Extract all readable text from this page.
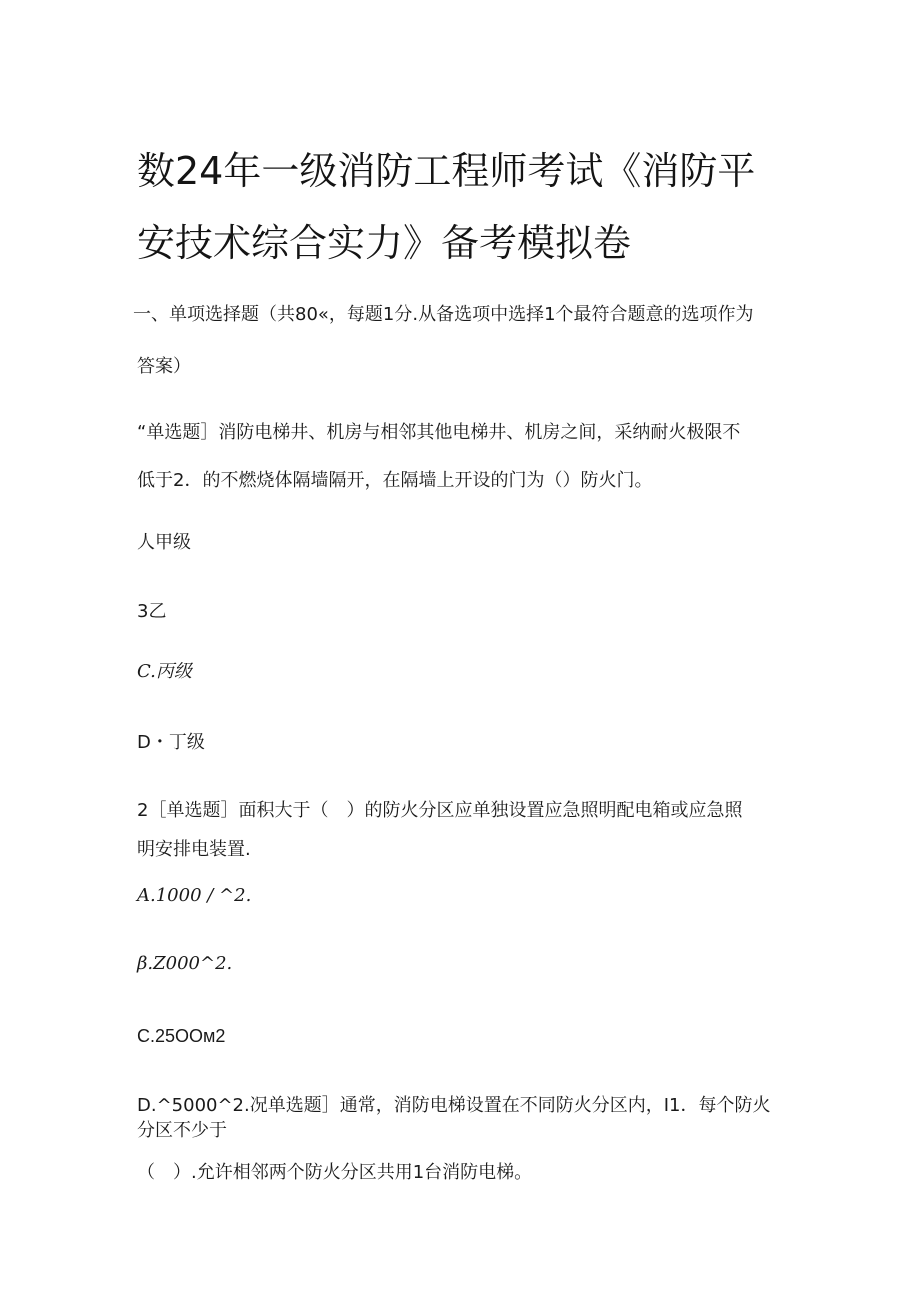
数24年一级消防工程师考试《消防平
安技术综合实力》备考模拟卷
一、单项选择题（共80«，每题1分.从备选项中选择1个最符合题意的选项作为
答案）
“单选题］消防电梯井、机房与相邻其他电梯井、机房之间，采纳耐火极限不
低于2．的不燃烧体隔墙隔开，在隔墙上开设的门为（）防火门。
人甲级
3乙
C.丙级
D・丁级
2［单选题］面积大于（　）的防火分区应单独设置应急照明配电箱或应急照
明安排电装置.
A.1000 / ^2.
β.Z000^2.
C.25OOм2
D.^5000^2.况单选题］通常，消防电梯设置在不同防火分区内，I1．每个防火
分区不少于
（　）.允许相邻两个防火分区共用1台消防电梯。
